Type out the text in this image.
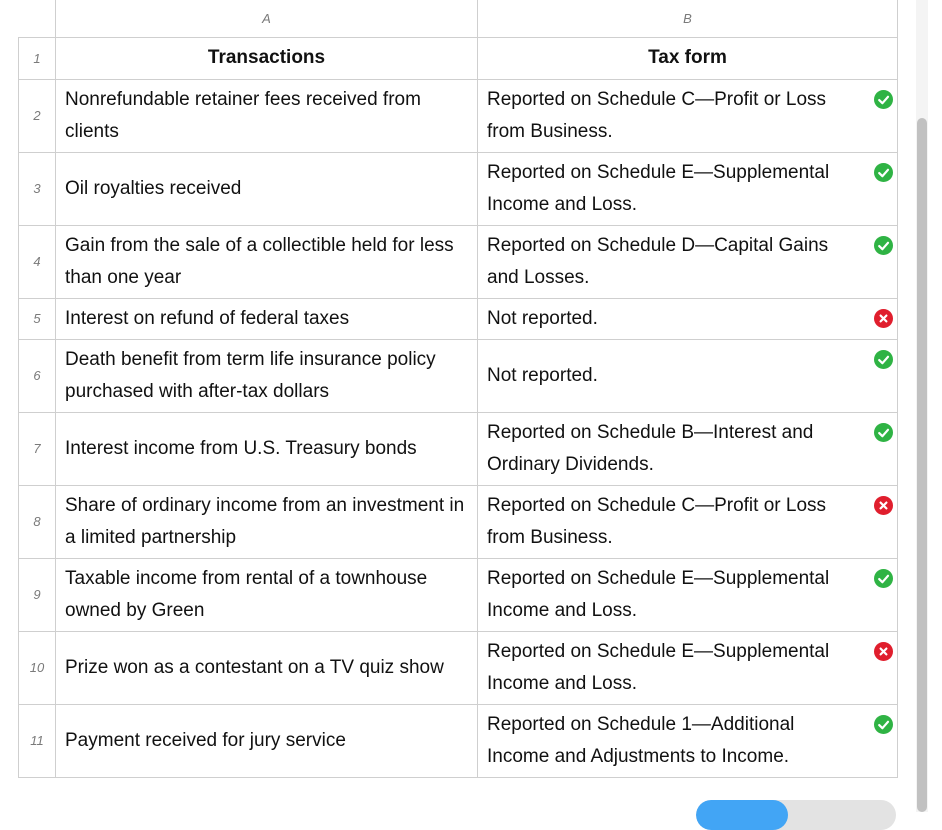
	A	B
1	Transactions	Tax form
2	Nonrefundable retainer fees received from clients	Reported on Schedule C—Profit or Loss from Business.

3	Oil royalties received	Reported on Schedule E—Supplemental Income and Loss.

4	Gain from the sale of a collectible held for less than one year	Reported on Schedule D—Capital Gains and Losses.

5	Interest on refund of federal taxes	Not reported.

6	Death benefit from term life insurance policy purchased with after-tax dollars	Not reported.

7	Interest income from U.S. Treasury bonds	Reported on Schedule B—Interest and Ordinary Dividends.

8	Share of ordinary income from an investment in a limited partnership	Reported on Schedule C—Profit or Loss from Business.

9	Taxable income from rental of a townhouse owned by Green	Reported on Schedule E—Supplemental Income and Loss.

10	Prize won as a contestant on a TV quiz show	Reported on Schedule E—Supplemental Income and Loss.

11	Payment received for jury service	Reported on Schedule 1—Additional Income and Adjustments to Income.
